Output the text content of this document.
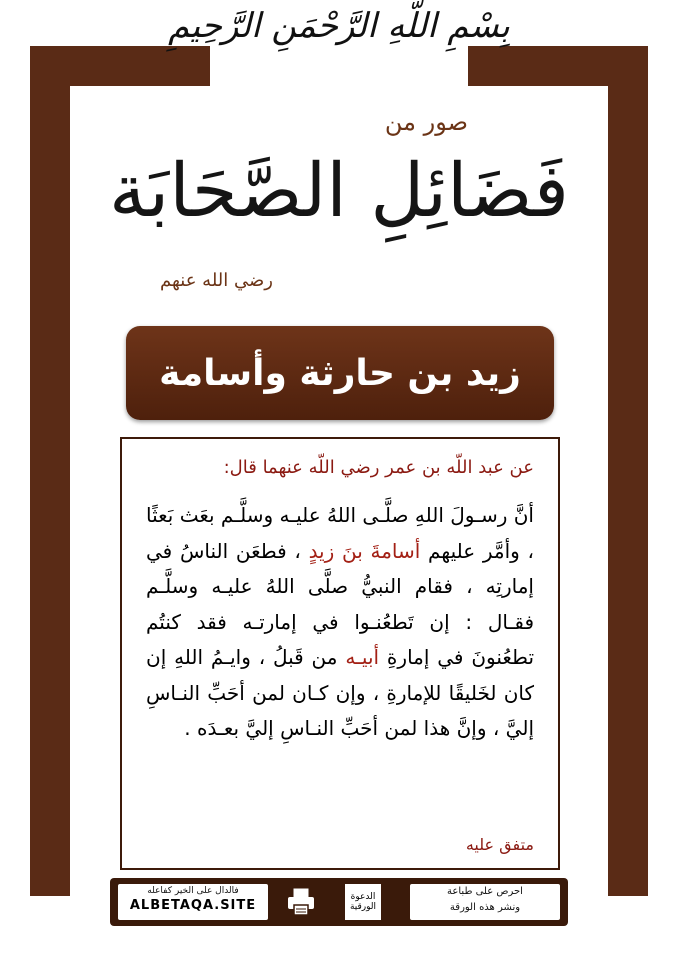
بِسْمِ اللَّهِ الرَّحْمَنِ الرَّحِيمِ
صور من
فَضَائِلِ الصَّحَابَة
رضي الله عنهم
زيد بن حارثة وأسامة
عن عبد اللّه بن عمر رضي اللّه عنهما قال:
أنَّ رسـولَ اللهِ صلَّـى اللهُ عليـه وسلَّـم بعَث بَعثًا ، وأمَّر عليهم أسامةَ بنَ زيدٍ ، فطعَن الناسُ في إمارتِه ، فقام النبيُّ صلَّى اللهُ عليـه وسلَّـم فقـال : إن تَطعُنـوا في إمارتـه فقد كنتُم تطعُنونَ في إمارةِ أبيـه من قَبلُ ، وايـمُ اللهِ إن كان لخَليقًا للإمارةِ ، وإن كـان لمن أحَبِّ النـاسِ إليَّ ، وإنَّ هذا لمن أحَبِّ النـاسِ إليَّ بعـدَه .
متفق عليه
احرص على طباعة
ونشر هذه الورقة
الدعوة الورقية
فالدال على الخير كفاعله
ALBETAQA.SITE
